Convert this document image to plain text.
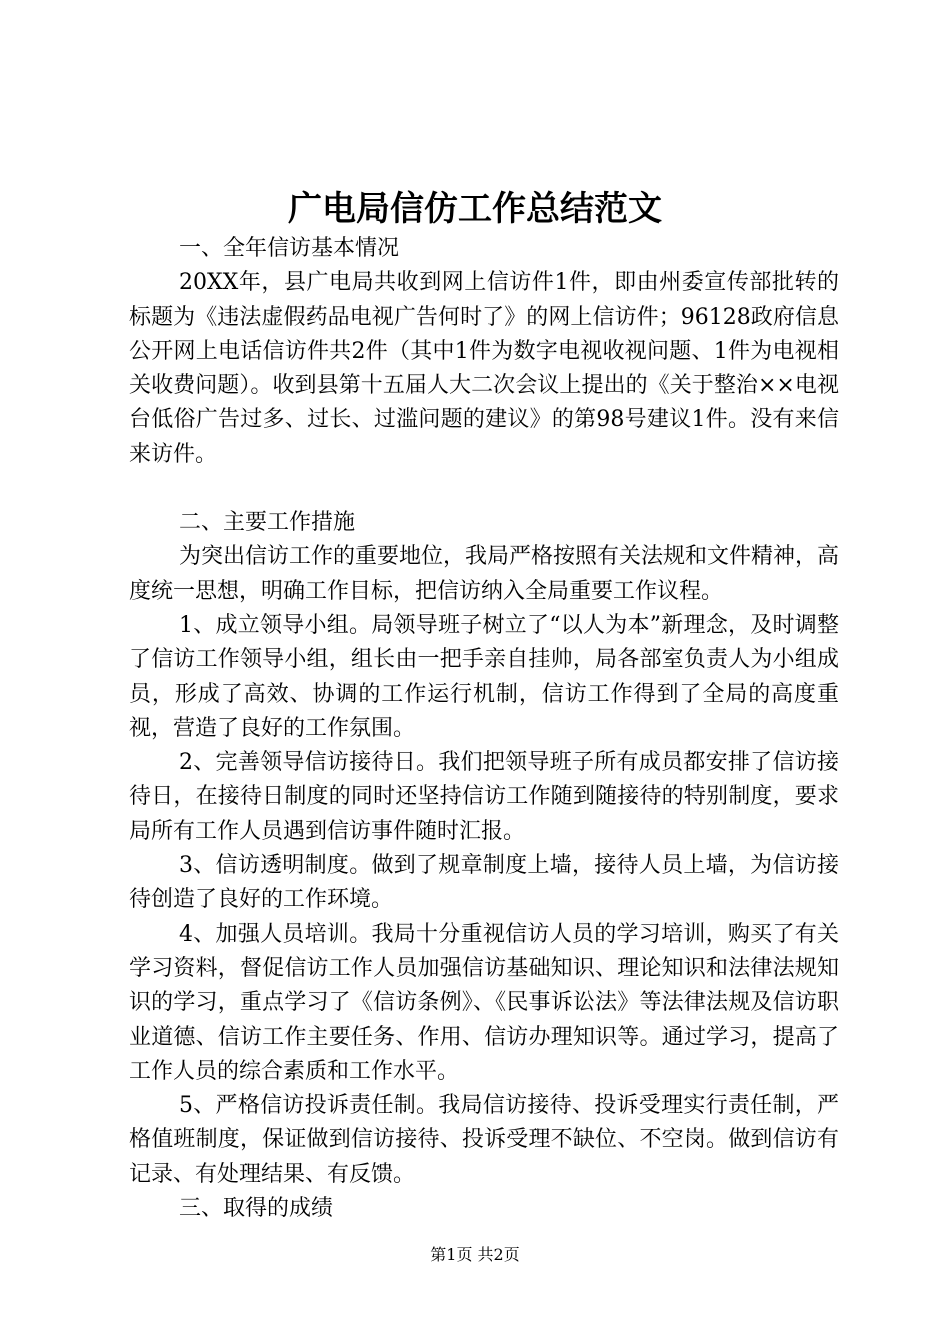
广电局信仿工作总结范文

一、全年信访基本情况

20XX年，县广电局共收到网上信访件1件，即由州委宣传部批转的标题为《违法虚假药品电视广告何时了》的网上信访件；96128政府信息公开网上电话信访件共2件（其中1件为数字电视收视问题、1件为电视相关收费问题）。收到县第十五届人大二次会议上提出的《关于整治××电视台低俗广告过多、过长、过滥问题的建议》的第98号建议1件。没有来信来访件。

二、主要工作措施

为突出信访工作的重要地位，我局严格按照有关法规和文件精神，高度统一思想，明确工作目标，把信访纳入全局重要工作议程。

1、成立领导小组。局领导班子树立了“以人为本”新理念，及时调整了信访工作领导小组，组长由一把手亲自挂帅，局各部室负责人为小组成员，形成了高效、协调的工作运行机制，信访工作得到了全局的高度重视，营造了良好的工作氛围。

2、完善领导信访接待日。我们把领导班子所有成员都安排了信访接待日，在接待日制度的同时还坚持信访工作随到随接待的特别制度，要求局所有工作人员遇到信访事件随时汇报。

3、信访透明制度。做到了规章制度上墙，接待人员上墙，为信访接待创造了良好的工作环境。

4、加强人员培训。我局十分重视信访人员的学习培训，购买了有关学习资料，督促信访工作人员加强信访基础知识、理论知识和法律法规知识的学习，重点学习了《信访条例》、《民事诉讼法》等法律法规及信访职业道德、信访工作主要任务、作用、信访办理知识等。通过学习，提高了工作人员的综合素质和工作水平。

5、严格信访投诉责任制。我局信访接待、投诉受理实行责任制，严格值班制度，保证做到信访接待、投诉受理不缺位、不空岗。做到信访有记录、有处理结果、有反馈。

三、取得的成绩

第1页 共2页
